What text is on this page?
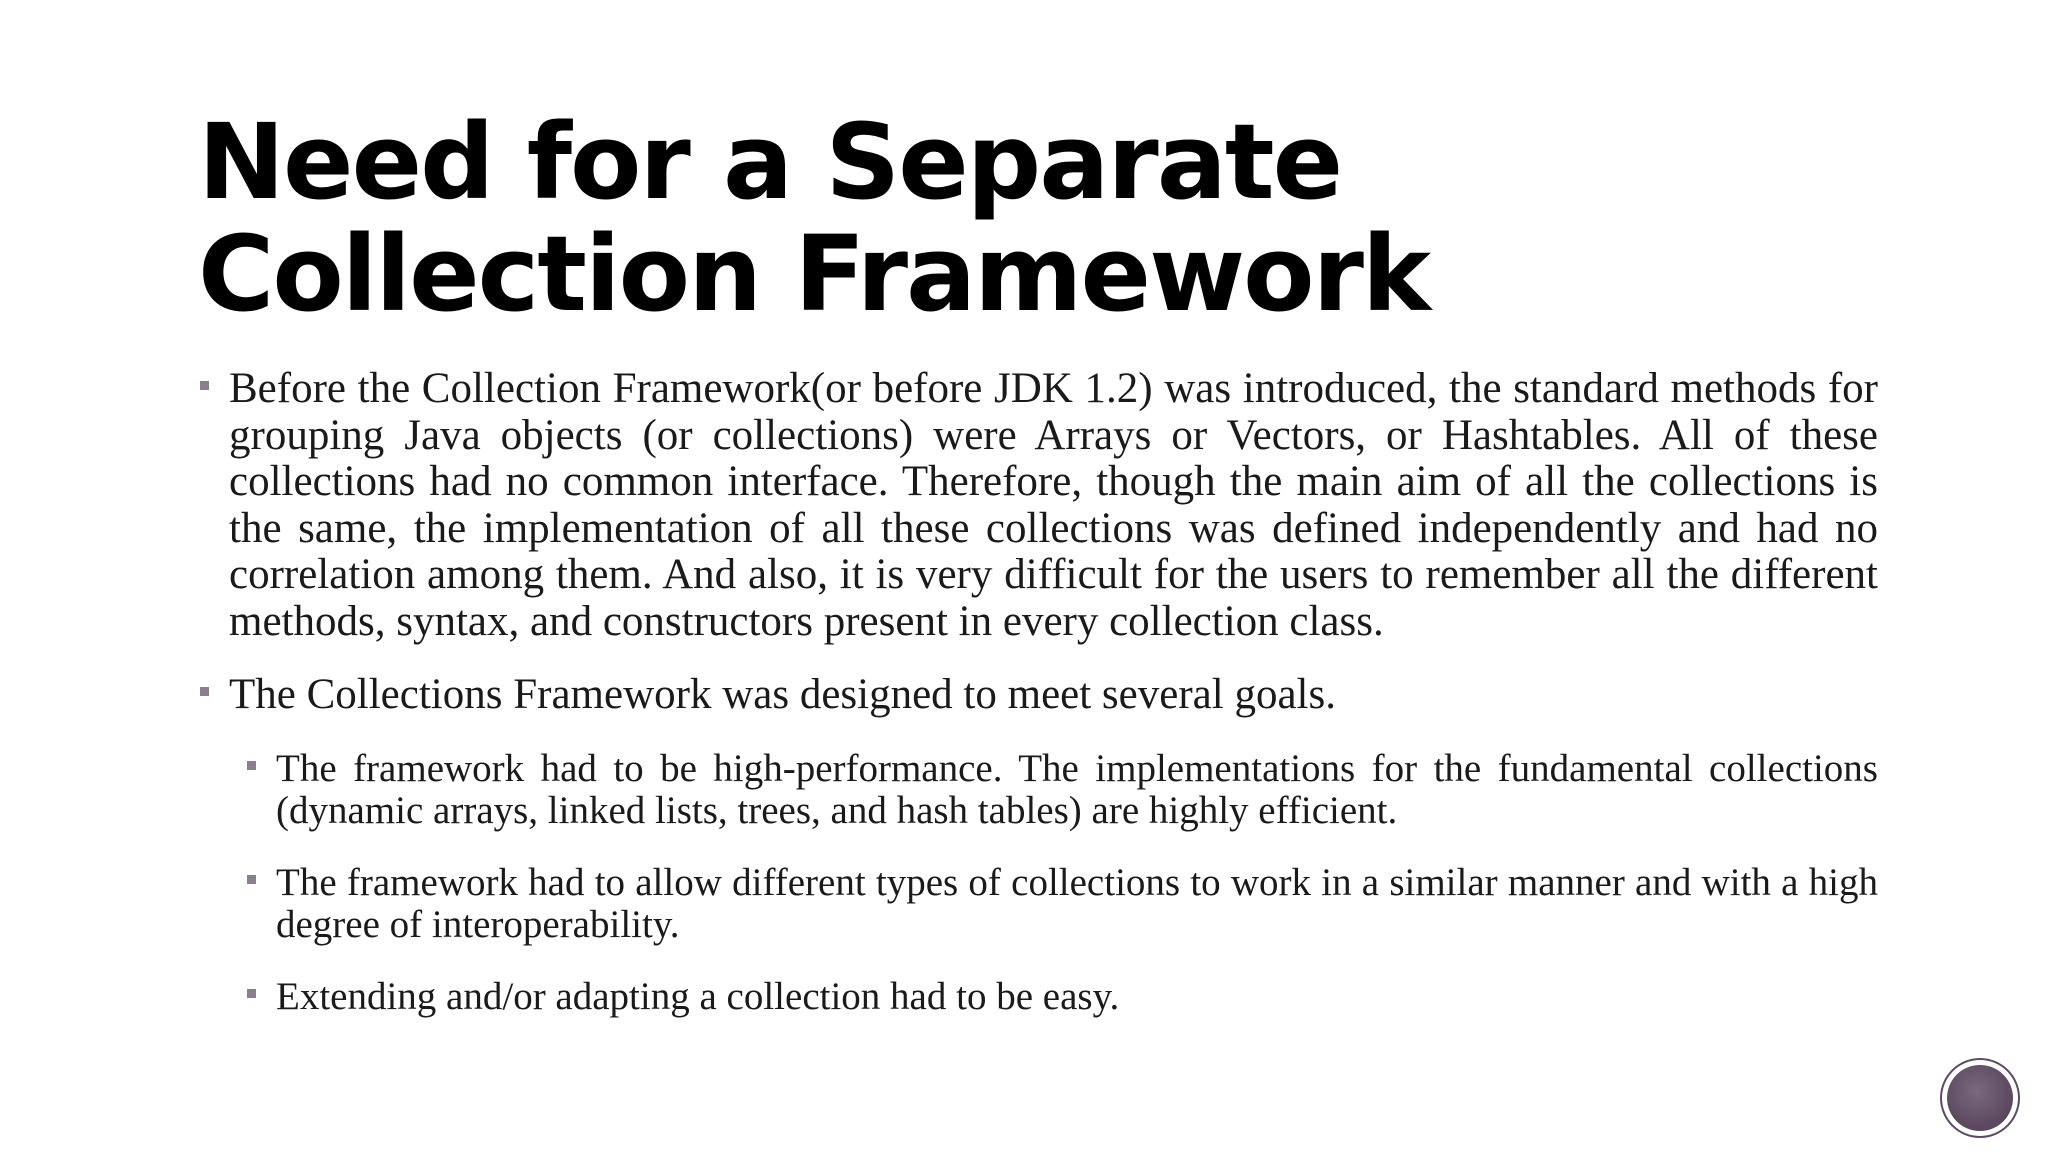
Need for a Separate Collection Framework
Before the Collection Framework(or before JDK 1.2) was introduced, the standard methods for grouping Java objects (or collections) were Arrays or Vectors, or Hashtables. All of these collections had no common interface. Therefore, though the main aim of all the collections is the same, the implementation of all these collections was defined independently and had no correlation among them. And also, it is very difficult for the users to remember all the different methods, syntax, and constructors present in every collection class.
The Collections Framework was designed to meet several goals.
The framework had to be high-performance. The implementations for the fundamental collections (dynamic arrays, linked lists, trees, and hash tables) are highly efficient.
The framework had to allow different types of collections to work in a similar manner and with a high degree of interoperability.
Extending and/or adapting a collection had to be easy.
